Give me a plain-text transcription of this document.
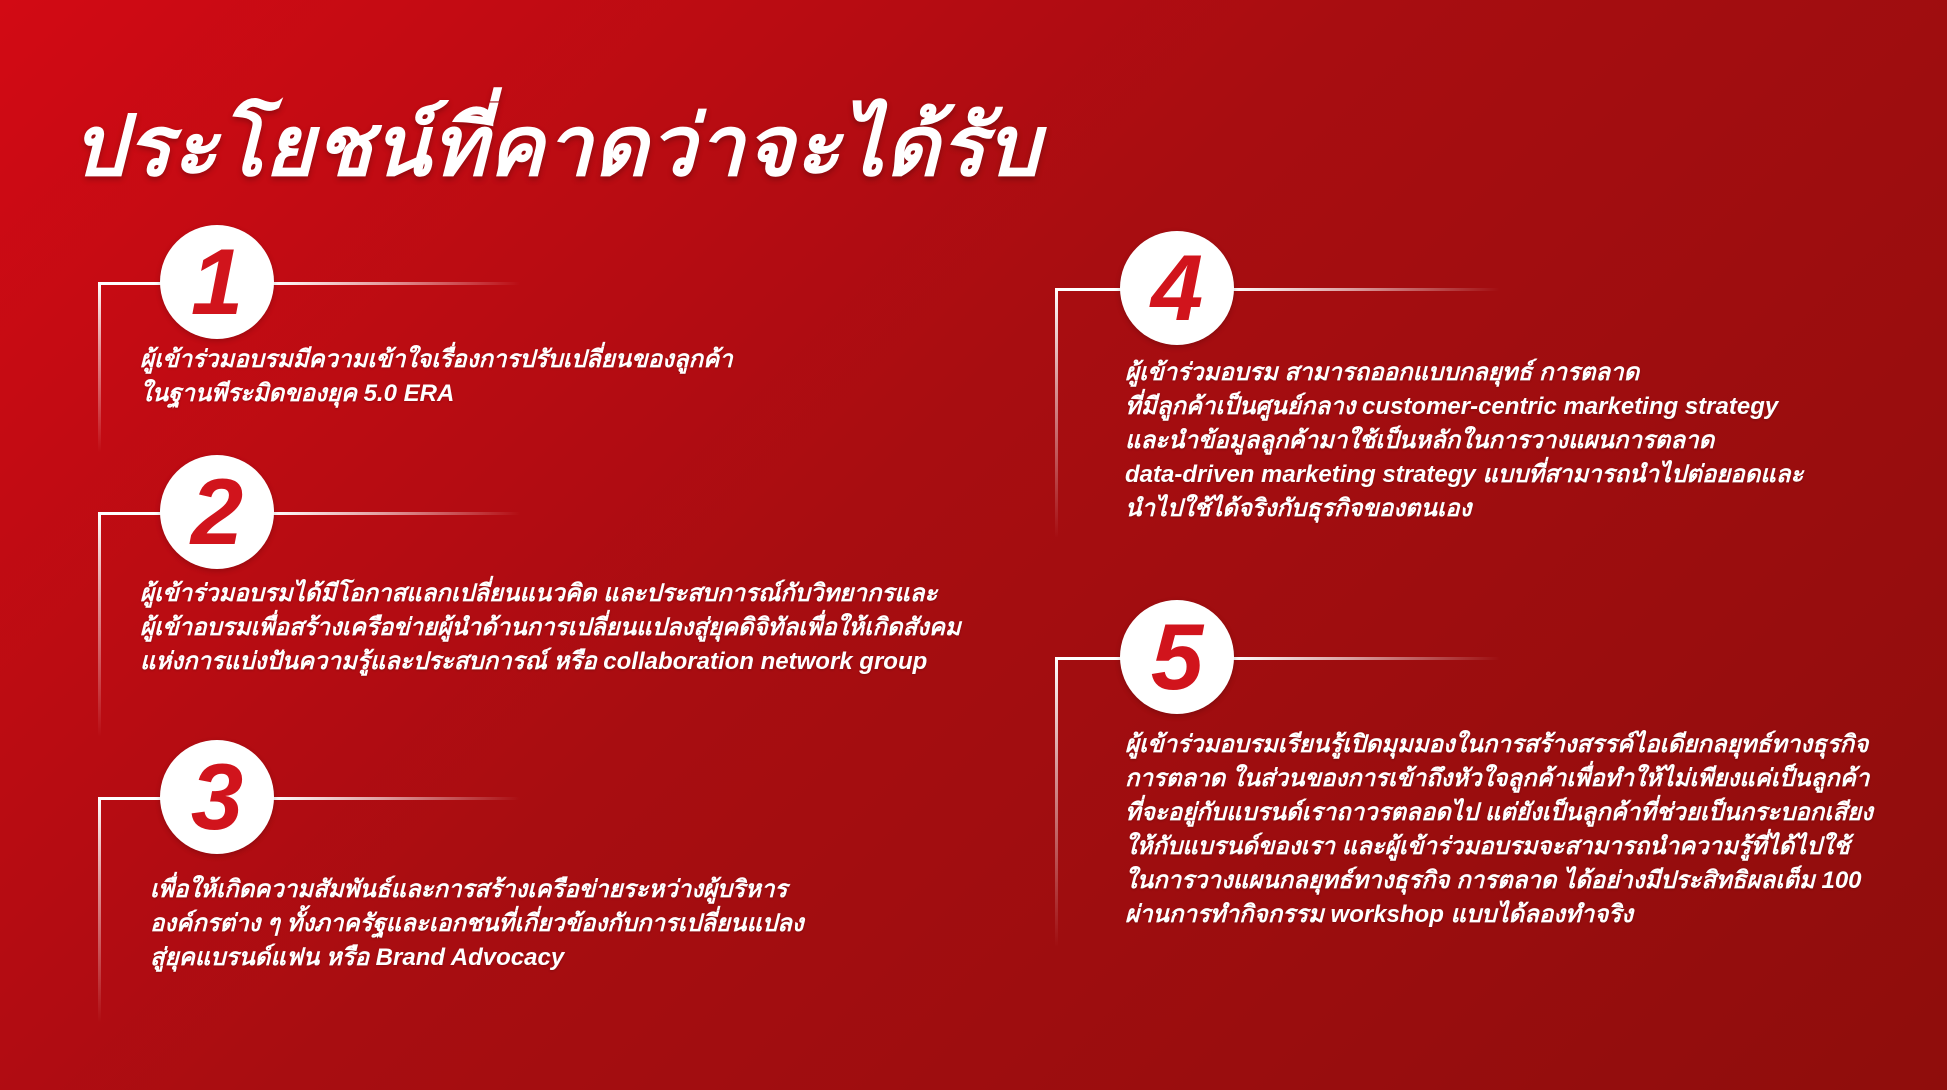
ประโยชน์ที่คาดว่าจะได้รับ
1
ผู้เข้าร่วมอบรมมีความเข้าใจเรื่องการปรับเปลี่ยนของลูกค้า
ในฐานพีระมิดของยุค 5.0 ERA
2
ผู้เข้าร่วมอบรมได้มีโอกาสแลกเปลี่ยนแนวคิด และประสบการณ์กับวิทยากรและ
ผู้เข้าอบรมเพื่อสร้างเครือข่ายผู้นำด้านการเปลี่ยนแปลงสู่ยุคดิจิทัลเพื่อให้เกิดสังคม
แห่งการแบ่งปันความรู้และประสบการณ์ หรือ collaboration network group
3
เพื่อให้เกิดความสัมพันธ์และการสร้างเครือข่ายระหว่างผู้บริหาร
องค์กรต่าง ๆ ทั้งภาครัฐและเอกชนที่เกี่ยวข้องกับการเปลี่ยนแปลง
สู่ยุคแบรนด์แฟน หรือ Brand Advocacy
4
ผู้เข้าร่วมอบรม สามารถออกแบบกลยุทธ์ การตลาด
ที่มีลูกค้าเป็นศูนย์กลาง customer-centric marketing strategy
และนำข้อมูลลูกค้ามาใช้เป็นหลักในการวางแผนการตลาด
data-driven marketing strategy แบบที่สามารถนำไปต่อยอดและ
นำไปใช้ได้จริงกับธุรกิจของตนเอง
5
ผู้เข้าร่วมอบรมเรียนรู้เปิดมุมมองในการสร้างสรรค์ไอเดียกลยุทธ์ทางธุรกิจ
การตลาด ในส่วนของการเข้าถึงหัวใจลูกค้าเพื่อทำให้ไม่เพียงแค่เป็นลูกค้า
ที่จะอยู่กับแบรนด์เราถาวรตลอดไป แต่ยังเป็นลูกค้าที่ช่วยเป็นกระบอกเสียง
ให้กับแบรนด์ของเรา และผู้เข้าร่วมอบรมจะสามารถนำความรู้ที่ได้ไปใช้
ในการวางแผนกลยุทธ์ทางธุรกิจ การตลาด ได้อย่างมีประสิทธิผลเต็ม 100
ผ่านการทำกิจกรรม workshop แบบได้ลองทำจริง
